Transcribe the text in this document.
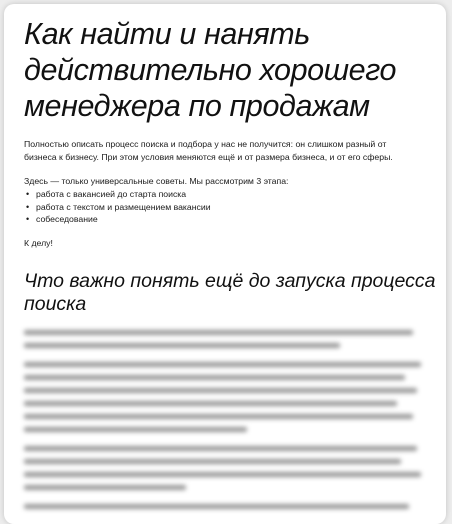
Как найти и нанять
действительно хорошего
менеджера по продажам

Полностью описать процесс поиска и подбора у нас не получится: он слишком разный от
бизнеса к бизнесу. При этом условия меняются ещё и от размера бизнеса, и от его сферы.

Здесь — только универсальные советы. Мы рассмотрим 3 этапа:

• работа с вакансией до старта поиска
• работа с текстом и размещением вакансии
• собеседование

К делу!

Что важно понять ещё до запуска процесса
поиска
